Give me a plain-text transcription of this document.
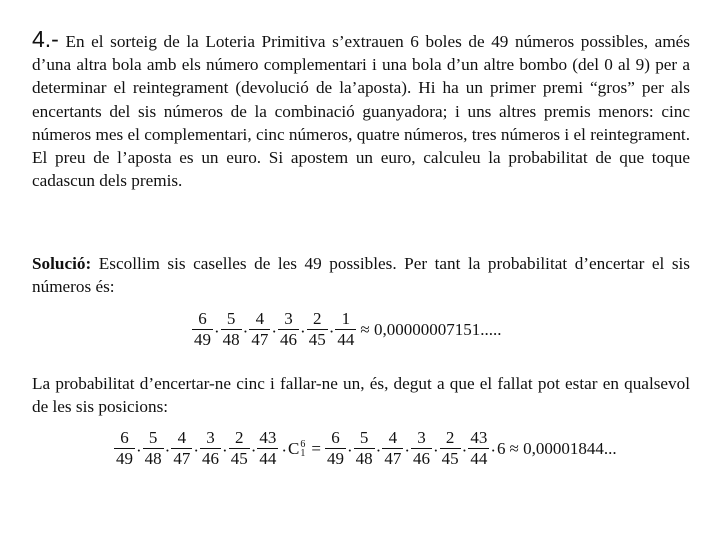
4.- En el sorteig de la Loteria Primitiva s’extrauen 6 boles de 49 números possibles, amés d’una altra bola amb els número complementari i una bola d’un altre bombo (del 0 al 9) per a determinar el reintegrament (devolució de la’aposta). Hi ha un primer premi “gros” per als encertants del sis números de la combinació guanyadora; i uns altres premis menors: cinc números mes el complementari, cinc números, quatre números, tres números i el reintegrament. El preu de l’aposta es un euro. Si apostem un euro, calculeu la probabilitat de que toque cadascun dels premis.
Solució: Escollim sis caselles de les 49 possibles. Per tant la probabilitat d’encertar el sis números és:
$\frac{6}{49} \cdot \frac{5}{48} \cdot \frac{4}{47} \cdot \frac{3}{46} \cdot \frac{2}{45} \cdot \frac{1}{44} \approx 0,00000007151$.....
La probabilitat d’encertar-ne cinc i fallar-ne un, és, degut a que el fallat pot estar en qualsevol de les sis posicions:
$\frac{6}{49} \cdot \frac{5}{48} \cdot \frac{4}{47} \cdot \frac{3}{46} \cdot \frac{2}{45} \cdot \frac{43}{44} \cdot C$ 6
$1 = \frac{6}{49} \cdot \frac{5}{48} \cdot \frac{4}{47} \cdot \frac{3}{46} \cdot \frac{2}{45} \cdot \frac{43}{44} \cdot 6 \approx 0,00001844$...
